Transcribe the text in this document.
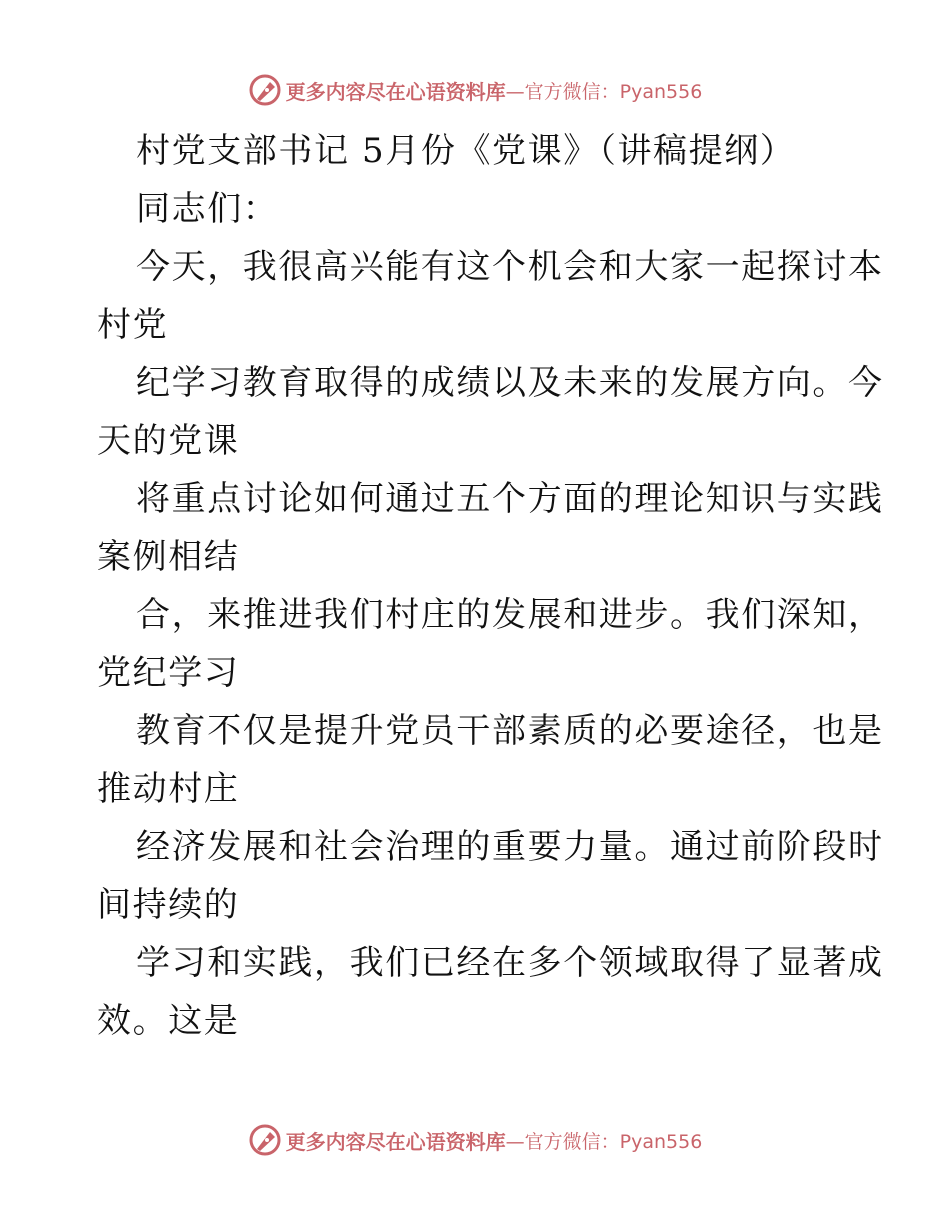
更多内容尽在心语资料库 —官方微信：Pyan556
村党支部书记 5月份《党课》（讲稿提纲）
同志们：
今天，我很高兴能有这个机会和大家一起探讨本
村党
纪学习教育取得的成绩以及未来的发展方向。今
天的党课
将重点讨论如何通过五个方面的理论知识与实践
案例相结
合，来推进我们村庄的发展和进步。我们深知，
党纪学习
教育不仅是提升党员干部素质的必要途径，也是
推动村庄
经济发展和社会治理的重要力量。通过前阶段时
间持续的
学习和实践，我们已经在多个领域取得了显著成
效。这是
更多内容尽在心语资料库 —官方微信：Pyan556
